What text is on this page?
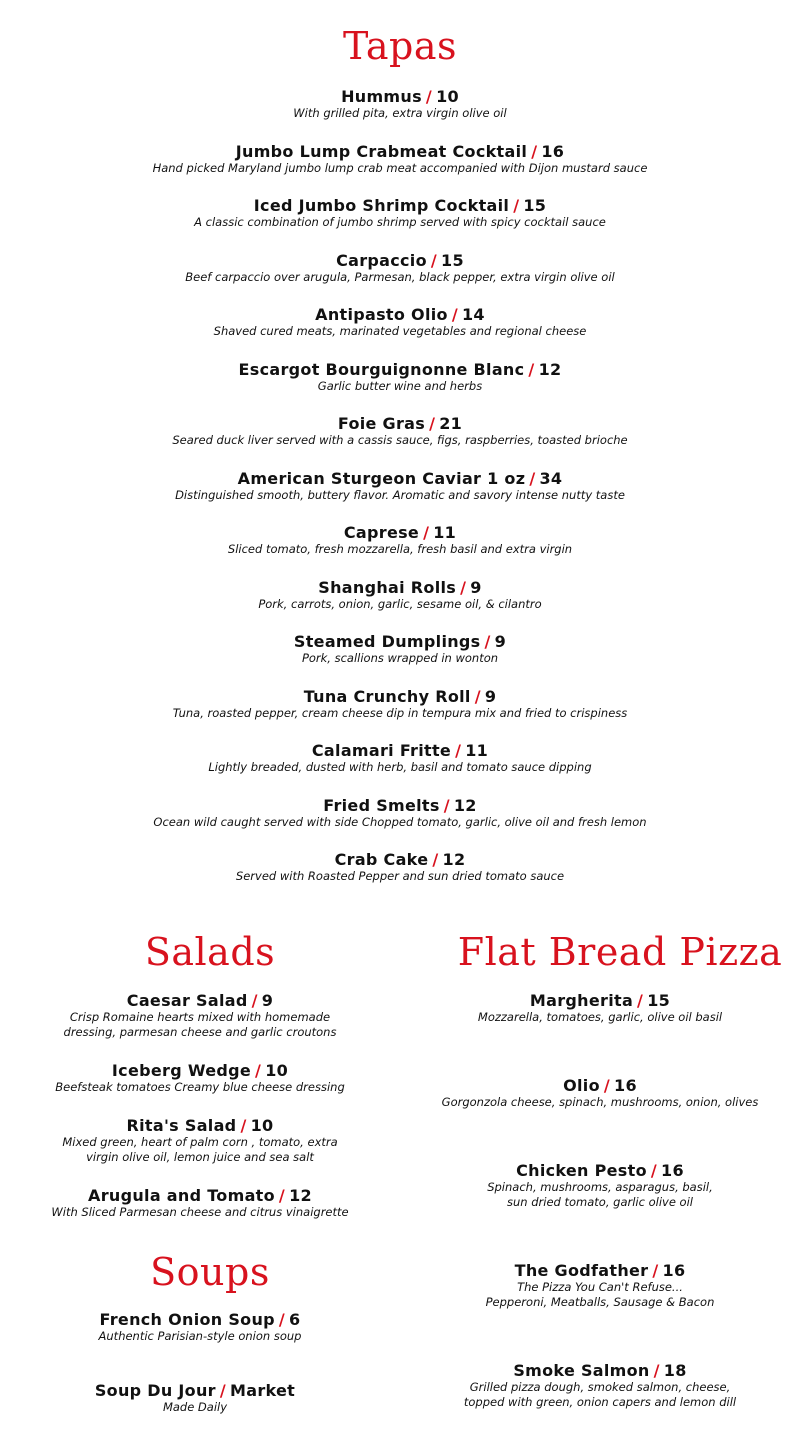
Tapas
Salads	Flat Bread Pizza
Soups
Hummus / 10
With grilled pita, extra virgin olive oil
Jumbo Lump Crabmeat Cocktail / 16
Hand picked Maryland jumbo lump crab meat accompanied with Dijon mustard sauce
Iced Jumbo Shrimp Cocktail / 15
A classic combination of jumbo shrimp served with spicy cocktail sauce
Carpaccio / 15
Beef carpaccio over arugula, Parmesan, black pepper, extra virgin olive oil
Antipasto Olio / 14
Shaved cured meats, marinated vegetables and regional cheese
Escargot Bourguignonne Blanc / 12
Garlic butter wine and herbs
Foie Gras / 21
Seared duck liver served with a cassis sauce, figs, raspberries, toasted brioche
American Sturgeon Caviar 1 oz / 34
Distinguished smooth, buttery flavor. Aromatic and savory intense nutty taste
Caprese / 11
Sliced tomato, fresh mozzarella, fresh basil and extra virgin
Shanghai Rolls / 9
Pork, carrots, onion, garlic, sesame oil, & cilantro
Steamed Dumplings / 9
Pork, scallions wrapped in wonton
Tuna Crunchy Roll / 9
Tuna, roasted pepper, cream cheese dip in tempura mix and fried to crispiness
Calamari Fritte / 11
Lightly breaded, dusted with herb, basil and tomato sauce dipping
Fried Smelts / 12
Ocean wild caught served with side Chopped tomato, garlic, olive oil and fresh lemon
Crab Cake / 12
Served with Roasted Pepper and sun dried tomato sauce
Caesar Salad / 9
Crisp Romaine hearts mixed with homemade
dressing, parmesan cheese and garlic croutons
Iceberg Wedge / 10
Beefsteak tomatoes Creamy blue cheese dressing
Rita's Salad / 10
Mixed green, heart of palm corn , tomato, extra
virgin olive oil, lemon juice and sea salt
Arugula and Tomato / 12
With Sliced Parmesan cheese and citrus vinaigrette
French Onion Soup / 6
Authentic Parisian-style onion soup
Soup Du Jour / Market
Made Daily
Margherita / 15
Mozzarella, tomatoes, garlic, olive oil basil
Olio / 16
Gorgonzola cheese, spinach, mushrooms, onion, olives
Chicken Pesto / 16
Spinach, mushrooms, asparagus, basil,
sun dried tomato, garlic olive oil
The Godfather / 16
The Pizza You Can't Refuse...
Pepperoni, Meatballs, Sausage & Bacon
Smoke Salmon / 18
Grilled pizza dough, smoked salmon, cheese,
topped with green, onion capers and lemon dill
